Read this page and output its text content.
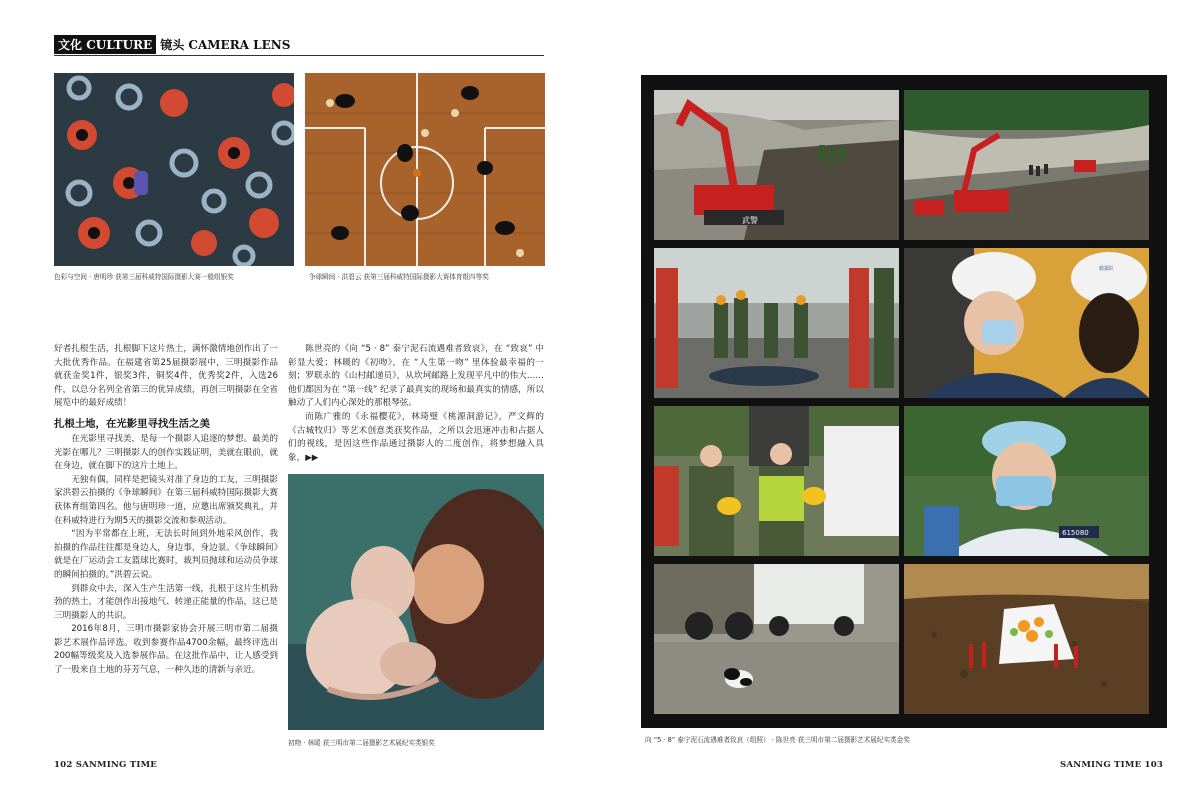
文化 CULTURE 镜头 CAMERA LENS
色彩与空间 · 唐明珍 获第三届科威特国际摄影大赛一般组银奖	争球瞬间 · 洪碧云 获第三届科威特国际摄影大赛体育组四等奖

好者扎根生活，扎根脚下这片热土，满怀激情地创作出了一大批优秀作品。在福建省第25届摄影展中，三明摄影作品就获金奖1件，银奖3件，铜奖4件，优秀奖2件，入选26件，以总分名列全省第三的优异成绩，再创三明摄影在全省展览中的最好成绩！

扎根土地，在光影里寻找生活之美

在光影里寻找美，是每一个摄影人追逐的梦想。最美的光影在哪儿？三明摄影人的创作实践证明，美就在眼前，就在身边，就在脚下的这片土地上。

无独有偶，同样是把镜头对准了身边的工友，三明摄影家洪碧云拍摄的《争球瞬间》在第三届科威特国际摄影大赛获体育组第四名。他与唐明珍一道，应邀出席颁奖典礼，并在科威特进行为期5天的摄影交流和参观活动。

“因为平常都在上班，无法长时间到外地采风创作，我拍摄的作品往往都是身边人，身边事，身边景。《争球瞬间》就是在厂运动会工友篮球比赛时，裁判员抛球和运动员争球的瞬间拍摄的。”洪碧云说。

到群众中去，深入生产生活第一线，扎根于这片生机勃勃的热土，才能创作出接地气、转递正能量的作品，这已是三明摄影人的共识。

2016年8月，三明市摄影家协会开展三明市第二届摄影艺术展作品评选。收到参赛作品4700余幅，最终评选出200幅等级奖及入选参展作品。在这批作品中，让人感受到了一股来自土地的芬芳气息，一种久违的清新与亲近。

陈世亮的《向 “5 · 8” 泰宁泥石流遇难者致哀》，在 “致哀” 中彰显大爱；林暖的《初吻》，在 “人生第一吻” 里体验最幸福的一刻；罗联永的《山村邮递员》，从坎坷邮路上发现平凡中的伟大……他们都因为在 “第一线” 纪录了最真实的现场和最真实的情感，所以触动了人们内心深处的那根琴弦。

而陈广雅的《永福樱花》，林琦璧《桃源洞游记》，严文辉的《古城牧归》等艺术创意类获奖作品，之所以会迅速冲击和占据人们的视线，是因这些作品通过摄影人的二度创作，将梦想融入具象，▶▶

初吻 · 林暖 获三明市第二届摄影艺术展纪实类银奖
102 SANMING TIME
武警
救援队
615080
向 “5 · 8” 泰宁泥石流遇难者致哀（组照） · 陈世亮 获三明市第二届摄影艺术展纪实类金奖
SANMING TIME 103
